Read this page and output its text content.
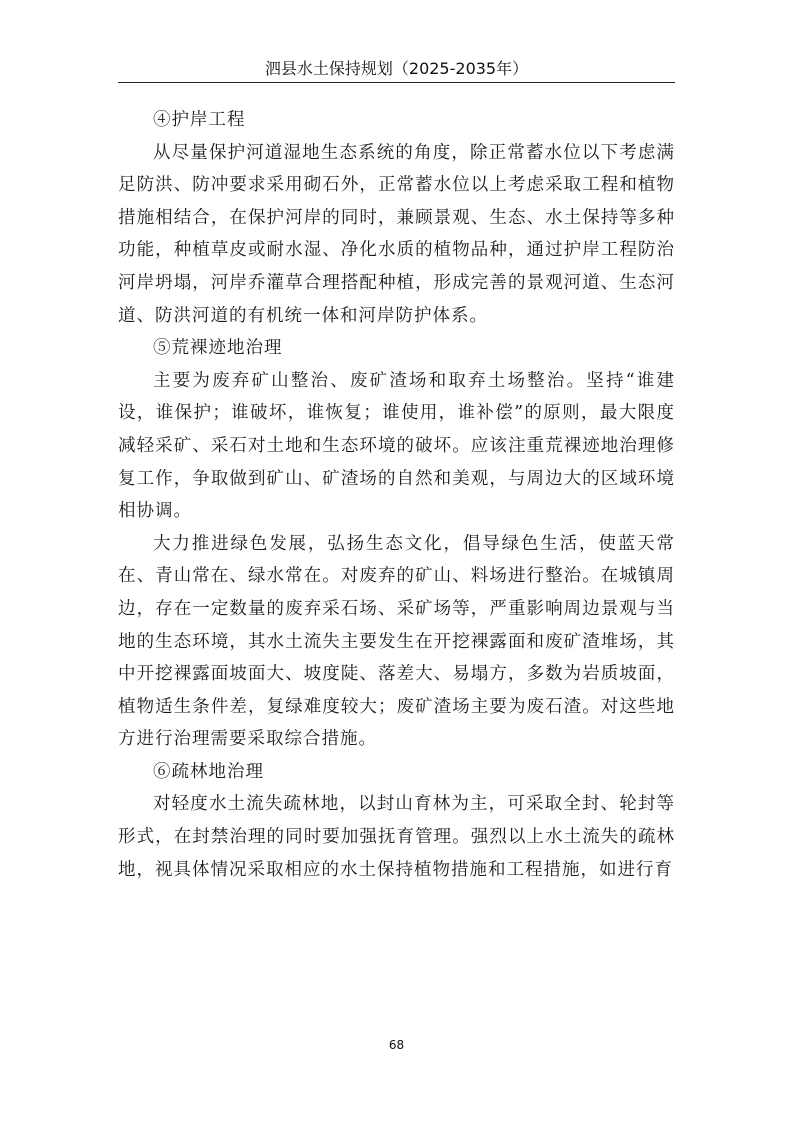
泗县水土保持规划（2025-2035年）

④护岸工程

从尽量保护河道湿地生态系统的角度，除正常蓄水位以下考虑满足防洪、防冲要求采用砌石外，正常蓄水位以上考虑采取工程和植物措施相结合，在保护河岸的同时，兼顾景观、生态、水土保持等多种功能，种植草皮或耐水湿、净化水质的植物品种，通过护岸工程防治河岸坍塌，河岸乔灌草合理搭配种植，形成完善的景观河道、生态河道、防洪河道的有机统一体和河岸防护体系。

⑤荒裸迹地治理

主要为废弃矿山整治、废矿渣场和取弃土场整治。坚持“谁建设，谁保护；谁破坏，谁恢复；谁使用，谁补偿”的原则，最大限度减轻采矿、采石对土地和生态环境的破坏。应该注重荒裸迹地治理修复工作，争取做到矿山、矿渣场的自然和美观，与周边大的区域环境相协调。

大力推进绿色发展，弘扬生态文化，倡导绿色生活，使蓝天常在、青山常在、绿水常在。对废弃的矿山、料场进行整治。在城镇周边，存在一定数量的废弃采石场、采矿场等，严重影响周边景观与当地的生态环境，其水土流失主要发生在开挖裸露面和废矿渣堆场，其中开挖裸露面坡面大、坡度陡、落差大、易塌方，多数为岩质坡面，植物适生条件差，复绿难度较大；废矿渣场主要为废石渣。对这些地方进行治理需要采取综合措施。

⑥疏林地治理

对轻度水土流失疏林地，以封山育林为主，可采取全封、轮封等形式，在封禁治理的同时要加强抚育管理。强烈以上水土流失的疏林地，视具体情况采取相应的水土保持植物措施和工程措施，如进行育

68
